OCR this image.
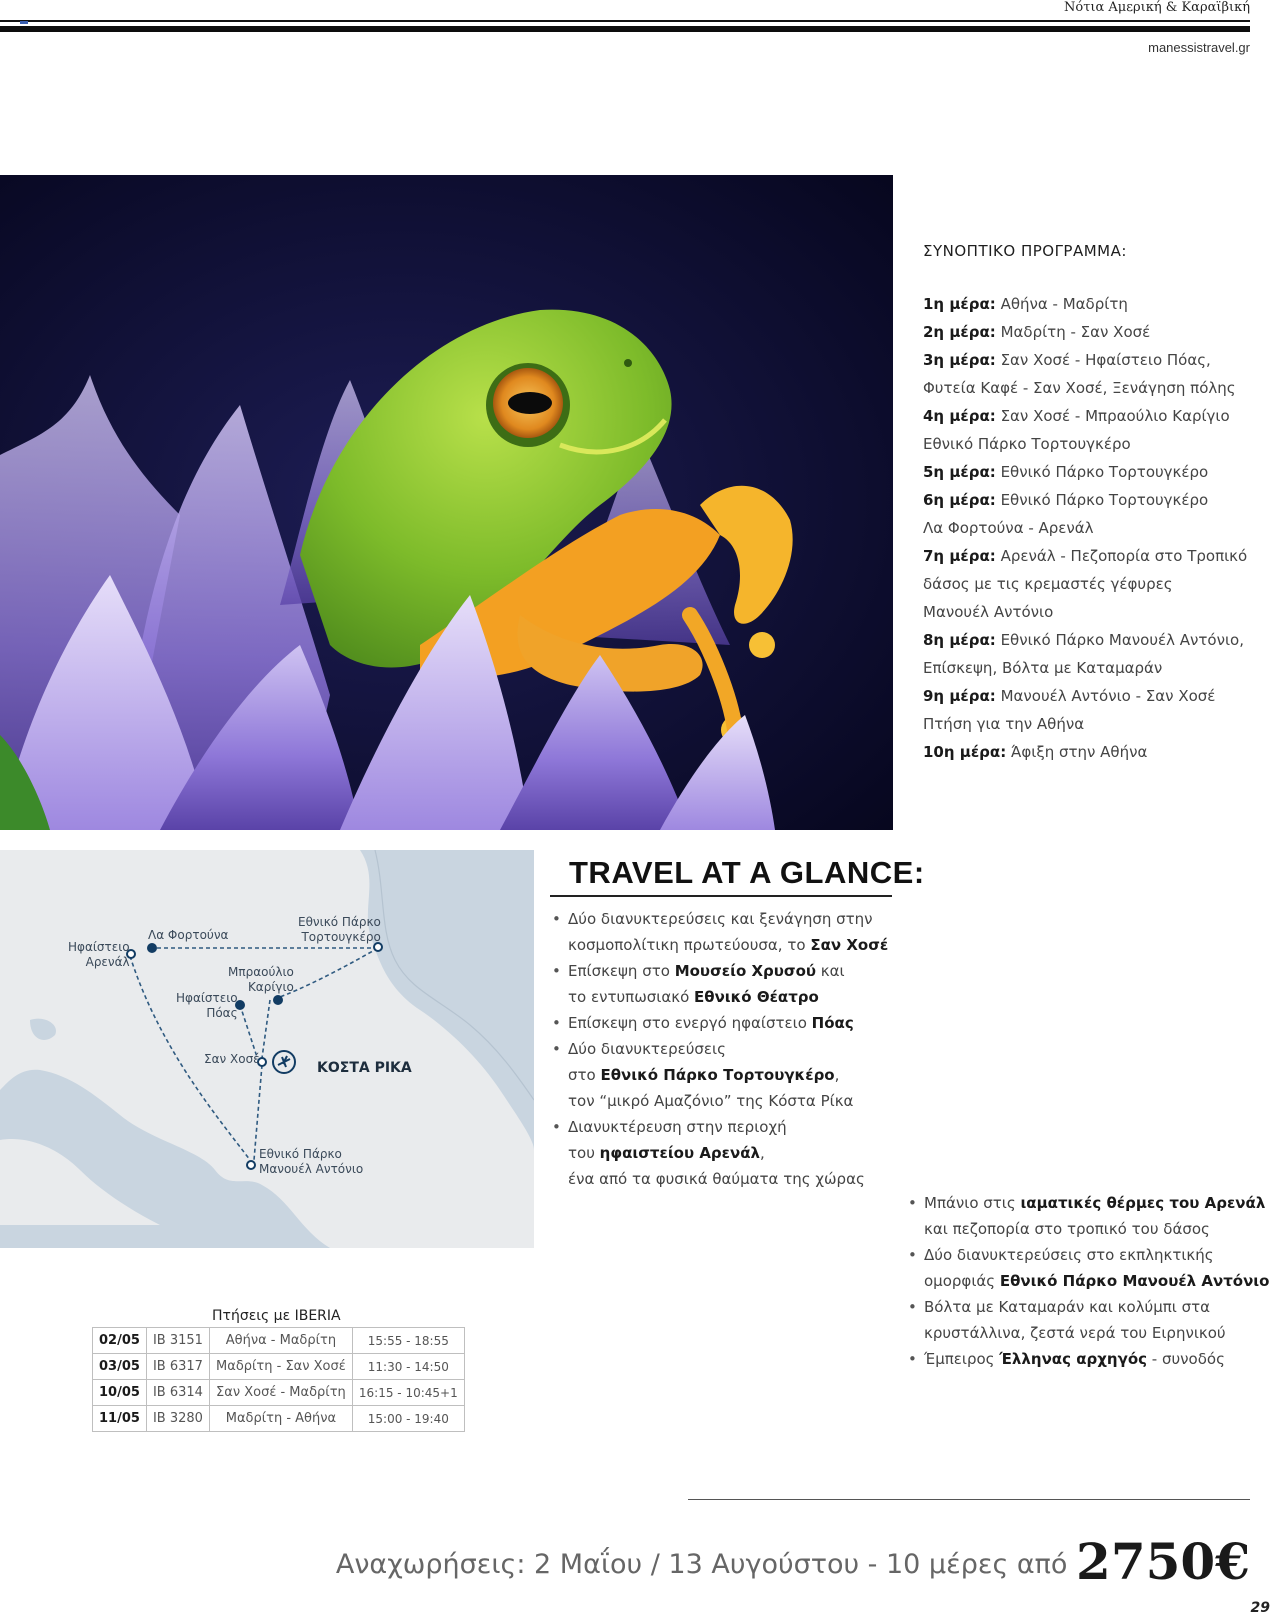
Νότια Αμερική & Καραϊβική
manessistravel.gr
ΣΥΝΟΠΤΙΚΟ ΠΡΟΓΡΑΜΜΑ:
1η μέρα: Αθήνα - Μαδρίτη
2η μέρα: Μαδρίτη - Σαν Χοσέ
3η μέρα: Σαν Χοσέ - Ηφαίστειο Πόας,
Φυτεία Καφέ - Σαν Χοσέ, Ξενάγηση πόλης
4η μέρα: Σαν Χοσέ - Μπραούλιο Καρίγιο
Εθνικό Πάρκο Τορτουγκέρο
5η μέρα: Εθνικό Πάρκο Τορτουγκέρο
6η μέρα: Εθνικό Πάρκο Τορτουγκέρο
Λα Φορτούνα - Αρενάλ
7η μέρα: Αρενάλ - Πεζοπορία στο Τροπικό
δάσος με τις κρεμαστές γέφυρες
Μανουέλ Αντόνιο
8η μέρα: Εθνικό Πάρκο Μανουέλ Αντόνιο,
Επίσκεψη, Βόλτα με Καταμαράν
9η μέρα: Μανουέλ Αντόνιο - Σαν Χοσέ
Πτήση για την Αθήνα
10η μέρα: Άφιξη στην Αθήνα
Ηφαίστειο
Αρενάλ
Λα Φορτούνα
Εθνικό Πάρκο
Τορτουγκέρο
Μπραούλιο
Καρίγιο
Ηφαίστειο
Πόας
Σαν Χοσέ
Εθνικό Πάρκο
Μανουέλ Αντόνιο
ΚΟΣΤΑ ΡΙΚΑ
TRAVEL AT A GLANCE:
• Δύο διανυκτερεύσεις και ξενάγηση στην
κοσμοπολίτικη πρωτεύουσα, το Σαν Χοσέ
• Επίσκεψη στο Μουσείο Χρυσού και
το εντυπωσιακό Εθνικό Θέατρο
• Επίσκεψη στο ενεργό ηφαίστειο Πόας
• Δύο διανυκτερεύσεις
στο Εθνικό Πάρκο Τορτουγκέρο,
τον “μικρό Αμαζόνιο” της Κόστα Ρίκα
• Διανυκτέρευση στην περιοχή
του ηφαιστείου Αρενάλ,
ένα από τα φυσικά θαύματα της χώρας
• Μπάνιο στις ιαματικές θέρμες του Αρενάλ
και πεζοπορία στο τροπικό του δάσος
• Δύο διανυκτερεύσεις στο εκπληκτικής
ομορφιάς Εθνικό Πάρκο Μανουέλ Αντόνιο
• Βόλτα με Καταμαράν και κολύμπι στα
κρυστάλλινα, ζεστά νερά του Ειρηνικού
• Έμπειρος Έλληνας αρχηγός - συνοδός
Πτήσεις με IBERIA
02/05	IB 3151	Αθήνα - Μαδρίτη	15:55 - 18:55
03/05	IB 6317	Μαδρίτη - Σαν Χοσέ	11:30 - 14:50
10/05	IB 6314	Σαν Χοσέ - Μαδρίτη	16:15 - 10:45+1
11/05	IB 3280	Μαδρίτη - Αθήνα	15:00 - 19:40
Αναχωρήσεις: 2 Μαΐου / 13 Αυγούστου - 10 μέρες από 2750€
29
